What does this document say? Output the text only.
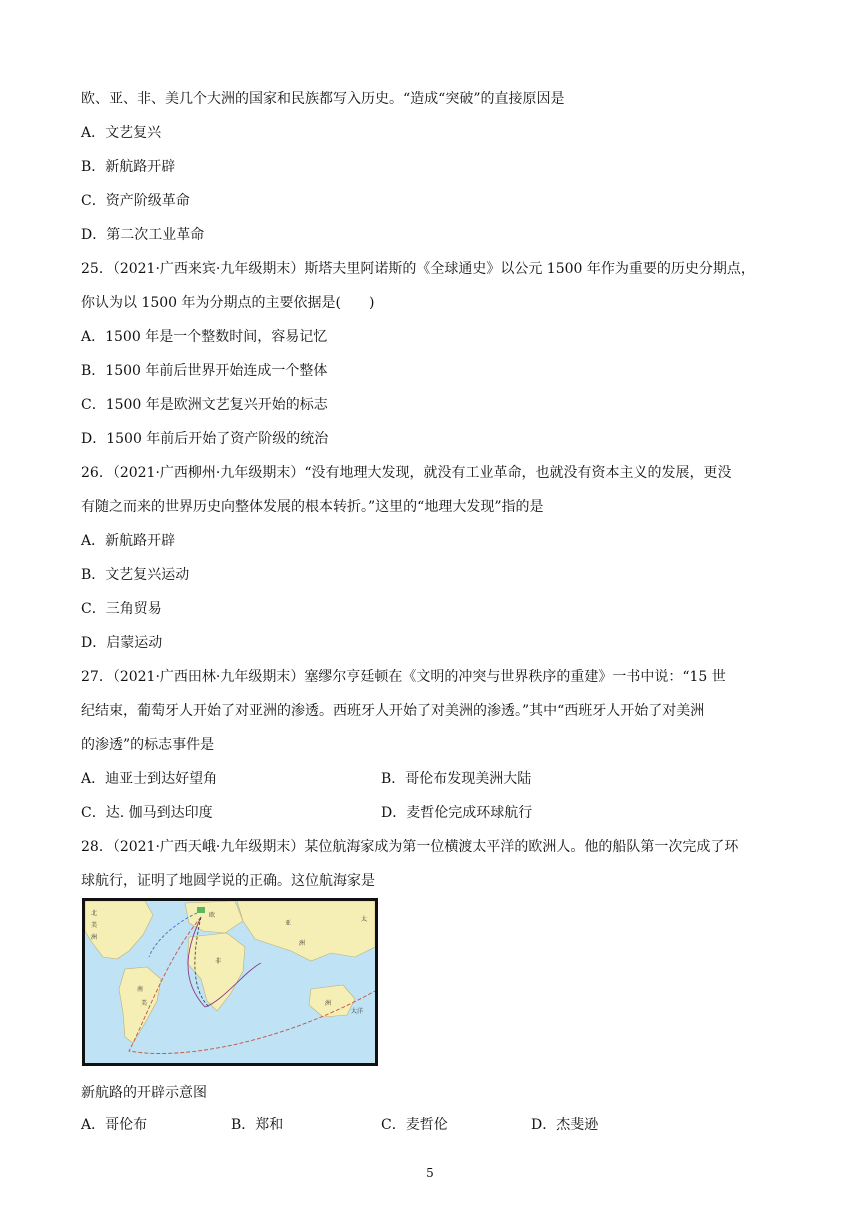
欧、亚、非、美几个大洲的国家和民族都写入历史。“造成“突破”的直接原因是
A．文艺复兴
B．新航路开辟
C．资产阶级革命
D．第二次工业革命
25．（2021·广西来宾·九年级期末）斯塔夫里阿诺斯的《全球通史》以公元 1500 年作为重要的历史分期点，
你认为以 1500 年为分期点的主要依据是(　　)
A．1500 年是一个整数时间，容易记忆
B．1500 年前后世界开始连成一个整体
C．1500 年是欧洲文艺复兴开始的标志
D．1500 年前后开始了资产阶级的统治
26．（2021·广西柳州·九年级期末）“没有地理大发现，就没有工业革命，也就没有资本主义的发展，更没
有随之而来的世界历史向整体发展的根本转折。”这里的“地理大发现”指的是
A．新航路开辟
B．文艺复兴运动
C．三角贸易
D．启蒙运动
27．（2021·广西田林·九年级期末）塞缪尔亨廷顿在《文明的冲突与世界秩序的重建》一书中说：“15 世
纪结束，葡萄牙人开始了对亚洲的渗透。西班牙人开始了对美洲的渗透。”其中“西班牙人开始了对美洲
的渗透”的标志事件是
A．迪亚士到达好望角	B．哥伦布发现美洲大陆
C．达. 伽马到达印度	D．麦哲伦完成环球航行
28．（2021·广西天峨·九年级期末）某位航海家成为第一位横渡太平洋的欧洲人。他的船队第一次完成了环
球航行，证明了地圆学说的正确。这位航海家是
北
美
洲
南
美
欧
非
亚
太
大洋
洲
洲
新航路的开辟示意图
A．哥伦布	B．郑和	C．麦哲伦	D．杰斐逊
5
